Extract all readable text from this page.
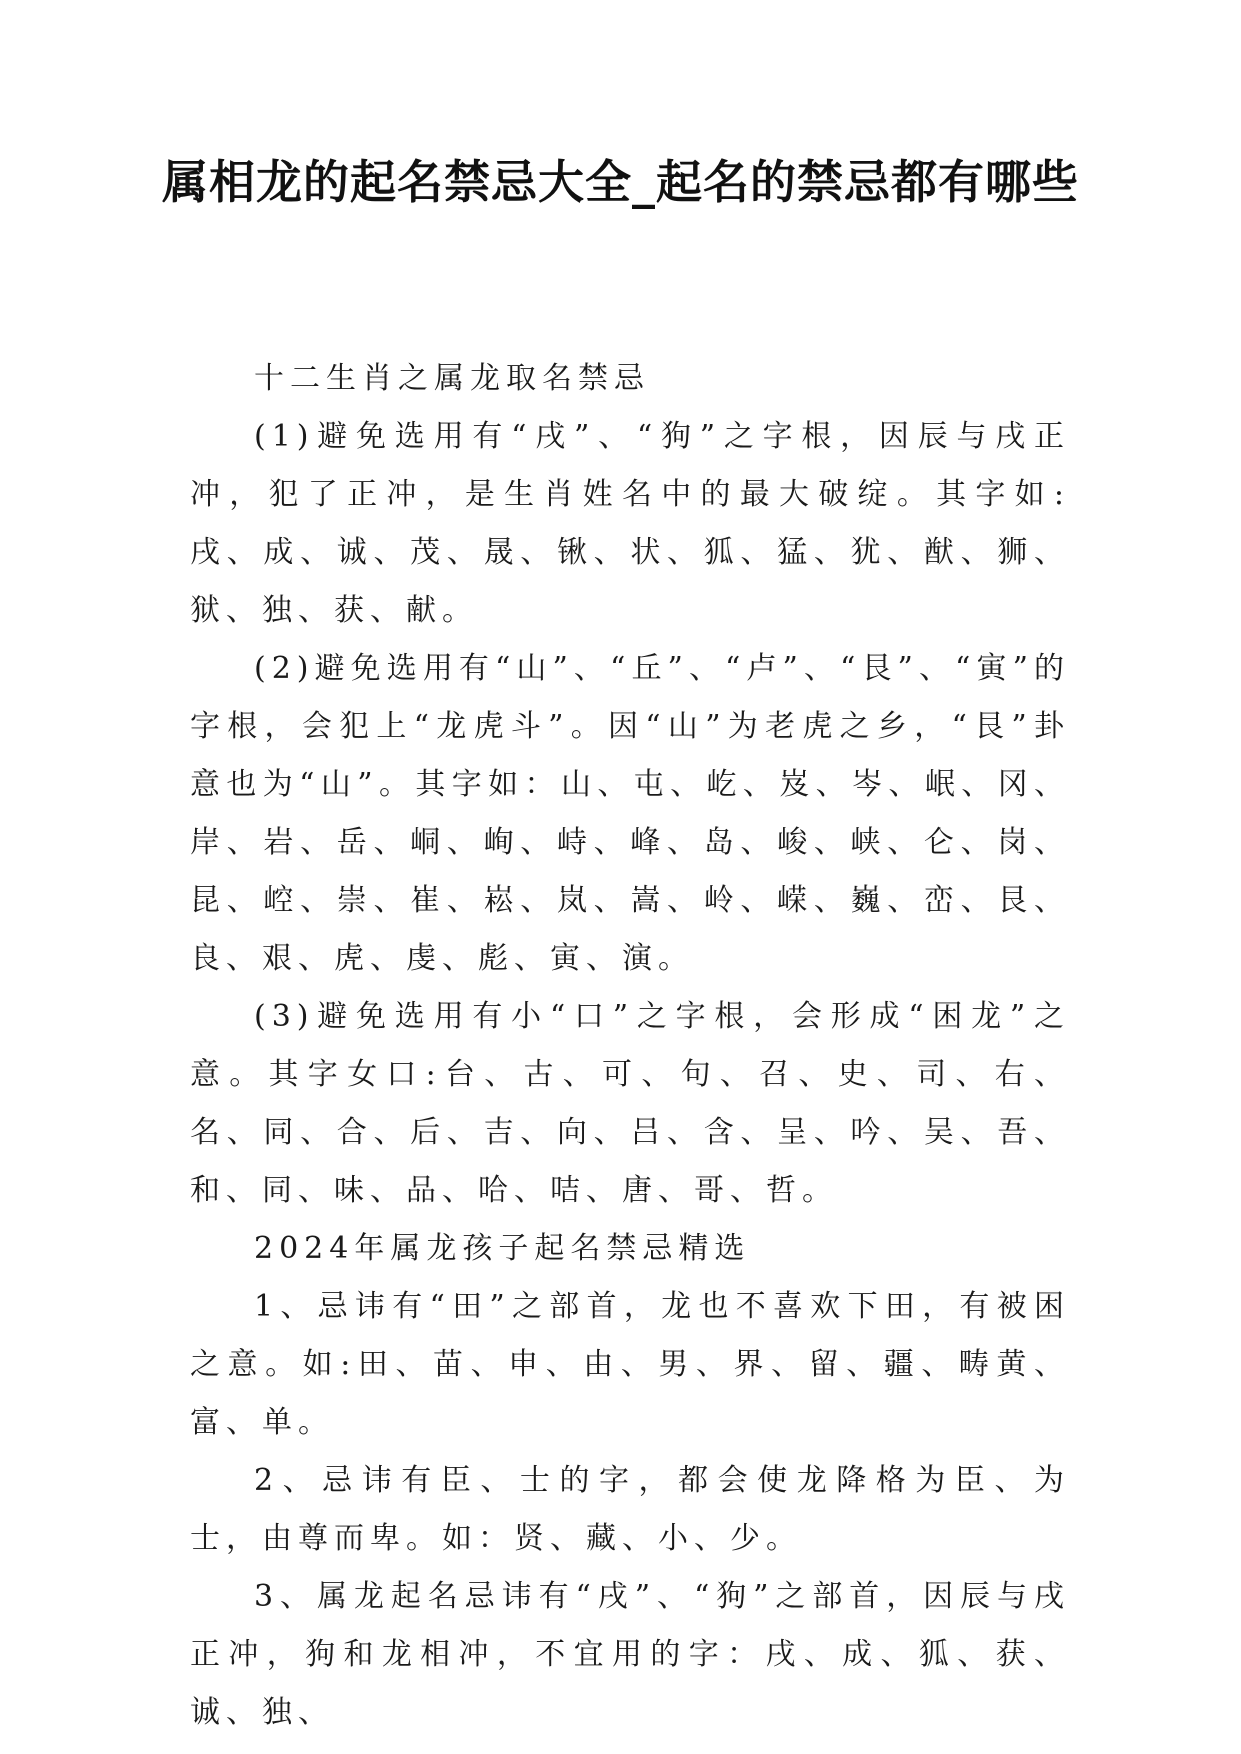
属相龙的起名禁忌大全_起名的禁忌都有哪些

十二生肖之属龙取名禁忌

(1)避免选用有“戌”、“狗”之字根，因辰与戌正冲，犯了正冲，是生肖姓名中的最大破绽。其字如:戌、成、诚、茂、晟、锹、状、狐、猛、犹、猷、狮、狱、独、获、献。

(2)避免选用有“山”、“丘”、“卢”、“艮”、“寅”的字根，会犯上“龙虎斗”。因“山”为老虎之乡，“艮”卦意也为“山”。其字如：山、屯、屹、岌、岑、岷、冈、岸、岩、岳、峒、峋、峙、峰、岛、峻、峡、仑、岗、昆、崆、崇、崔、崧、岚、嵩、岭、嵘、巍、峦、艮、良、艰、虎、虔、彪、寅、演。

(3)避免选用有小“口”之字根，会形成“困龙”之意。其字女口:台、古、可、句、召、史、司、右、名、同、合、后、吉、向、吕、含、呈、吟、吴、吾、和、同、味、品、哈、咭、唐、哥、哲。

2024年属龙孩子起名禁忌精选

1、忌讳有“田”之部首，龙也不喜欢下田，有被困之意。如:田、苗、申、由、男、界、留、疆、畴黄、富、单。

2、忌讳有臣、士的字，都会使龙降格为臣、为士，由尊而卑。如：贤、藏、小、少。

3、属龙起名忌讳有“戌”、“狗”之部首，因辰与戌正冲，狗和龙相冲，不宜用的字：戌、成、狐、获、诚、独、
